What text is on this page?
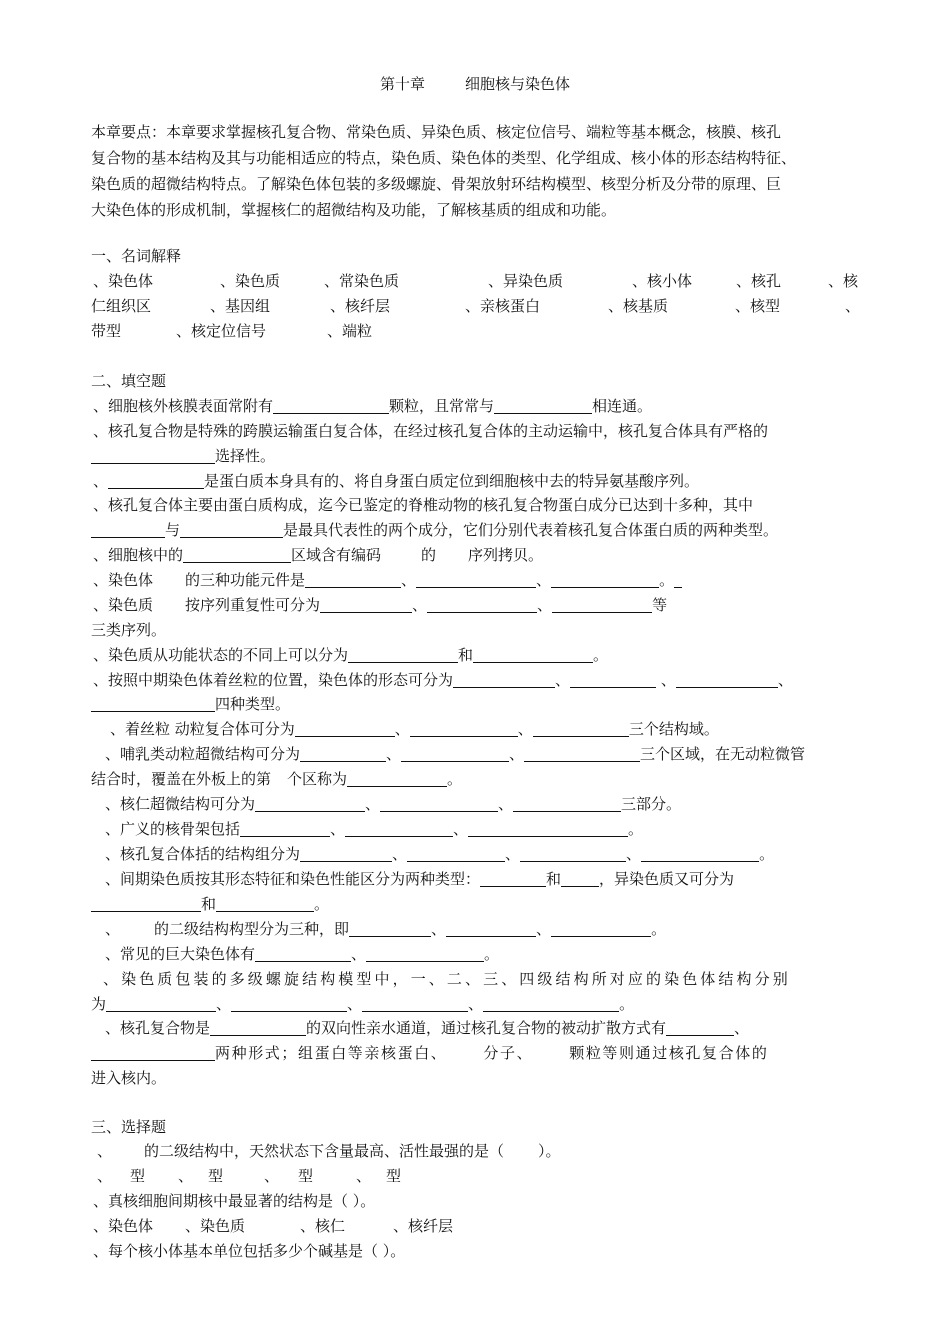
第十章	细胞核与染色体
本章要点：本章要求掌握核孔复合物、常染色质、异染色质、核定位信号、端粒等基本概念，核膜、核孔
复合物的基本结构及其与功能相适应的特点，染色质、染色体的类型、化学组成、核小体的形态结构特征、
染色质的超微结构特点。了解染色体包装的多级螺旋、骨架放射环结构模型、核型分析及分带的原理、巨
大染色体的形成机制，掌握核仁的超微结构及功能，了解核基质的组成和功能。
一、名词解释
、染色体	、染色质	、常染色质	、异染色质	、核小体	、核孔	、核
仁组织区	、基因组	、核纤层	、亲核蛋白	、核基质	、核型	、
带型	、核定位信号	、端粒
二、填空题
、细胞核外核膜表面常附有	颗粒，且常常与	相连通。
、核孔复合物是特殊的跨膜运输蛋白复合体，在经过核孔复合体的主动运输中，核孔复合体具有严格的
选择性。
、	是蛋白质本身具有的、将自身蛋白质定位到细胞核中去的特异氨基酸序列。
、核孔复合体主要由蛋白质构成，迄今已鉴定的脊椎动物的核孔复合物蛋白成分已达到十多种，其中
与	是最具代表性的两个成分，它们分别代表着核孔复合体蛋白质的两种类型。
、细胞核中的	区域含有编码	的 序列拷贝。
、染色体 的三种功能元件是	、	、	。
、染色质 按序列重复性可分为	、	、	等
三类序列。
、染色质从功能状态的不同上可以分为	和	。
、按照中期染色体着丝粒的位置，染色体的形态可分为	、	、	、
四种类型。
、着丝粒 动粒复合体可分为	、	、	三个结构域。
、哺乳类动粒超微结构可分为	、	、	三个区域，在无动粒微管
结合时，覆盖在外板上的第 个区称为	。
、核仁超微结构可分为	、	、	三部分。
、广义的核骨架包括	、	、	。
、核孔复合体括的结构组分为	、	、	、	。
、间期染色质按其形态特征和染色性能区分为两种类型：	和	，异染色质又可分为
和	。
、 的二级结构构型分为三种，即	、	、	。
、常见的巨大染色体有	、	。
、染色质包装的多级螺旋结构模型中，一、二、三、四级结构所对应的染色体结构分别
为	、	、	、	。
、核孔复合物是	的双向性亲水通道，通过核孔复合物的被动扩散方式有	、
两种形式；组蛋白等亲核蛋白、 分子、 颗粒等则通过核孔复合体的
进入核内。
三、选择题
、 的二级结构中，天然状态下含量最高、活性最强的是（ ）。
、 型 、 型	、 型	、 型
、真核细胞间期核中最显著的结构是（ ）。
、染色体 、染色质	、核仁	、核纤层
、每个核小体基本单位包括多少个碱基是（ ）。
